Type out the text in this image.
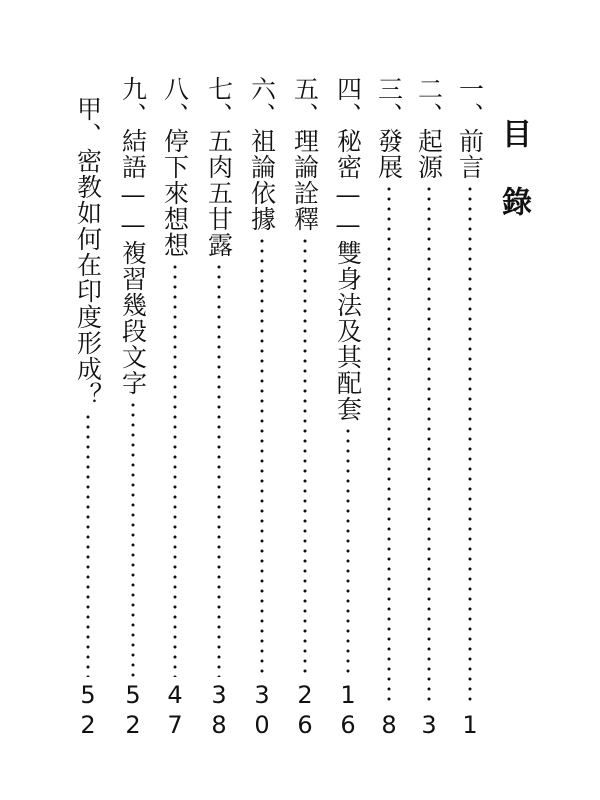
目錄
一、前言
1
二、起源
3
三、發展
8
四、秘密——雙身法及其配套
16
五、理論詮釋
26
六、祖論依據
30
七、五肉五甘露
38
八、停下來想想
47
九、結語——複習幾段文字
52
甲、密教如何在印度形成？
52
